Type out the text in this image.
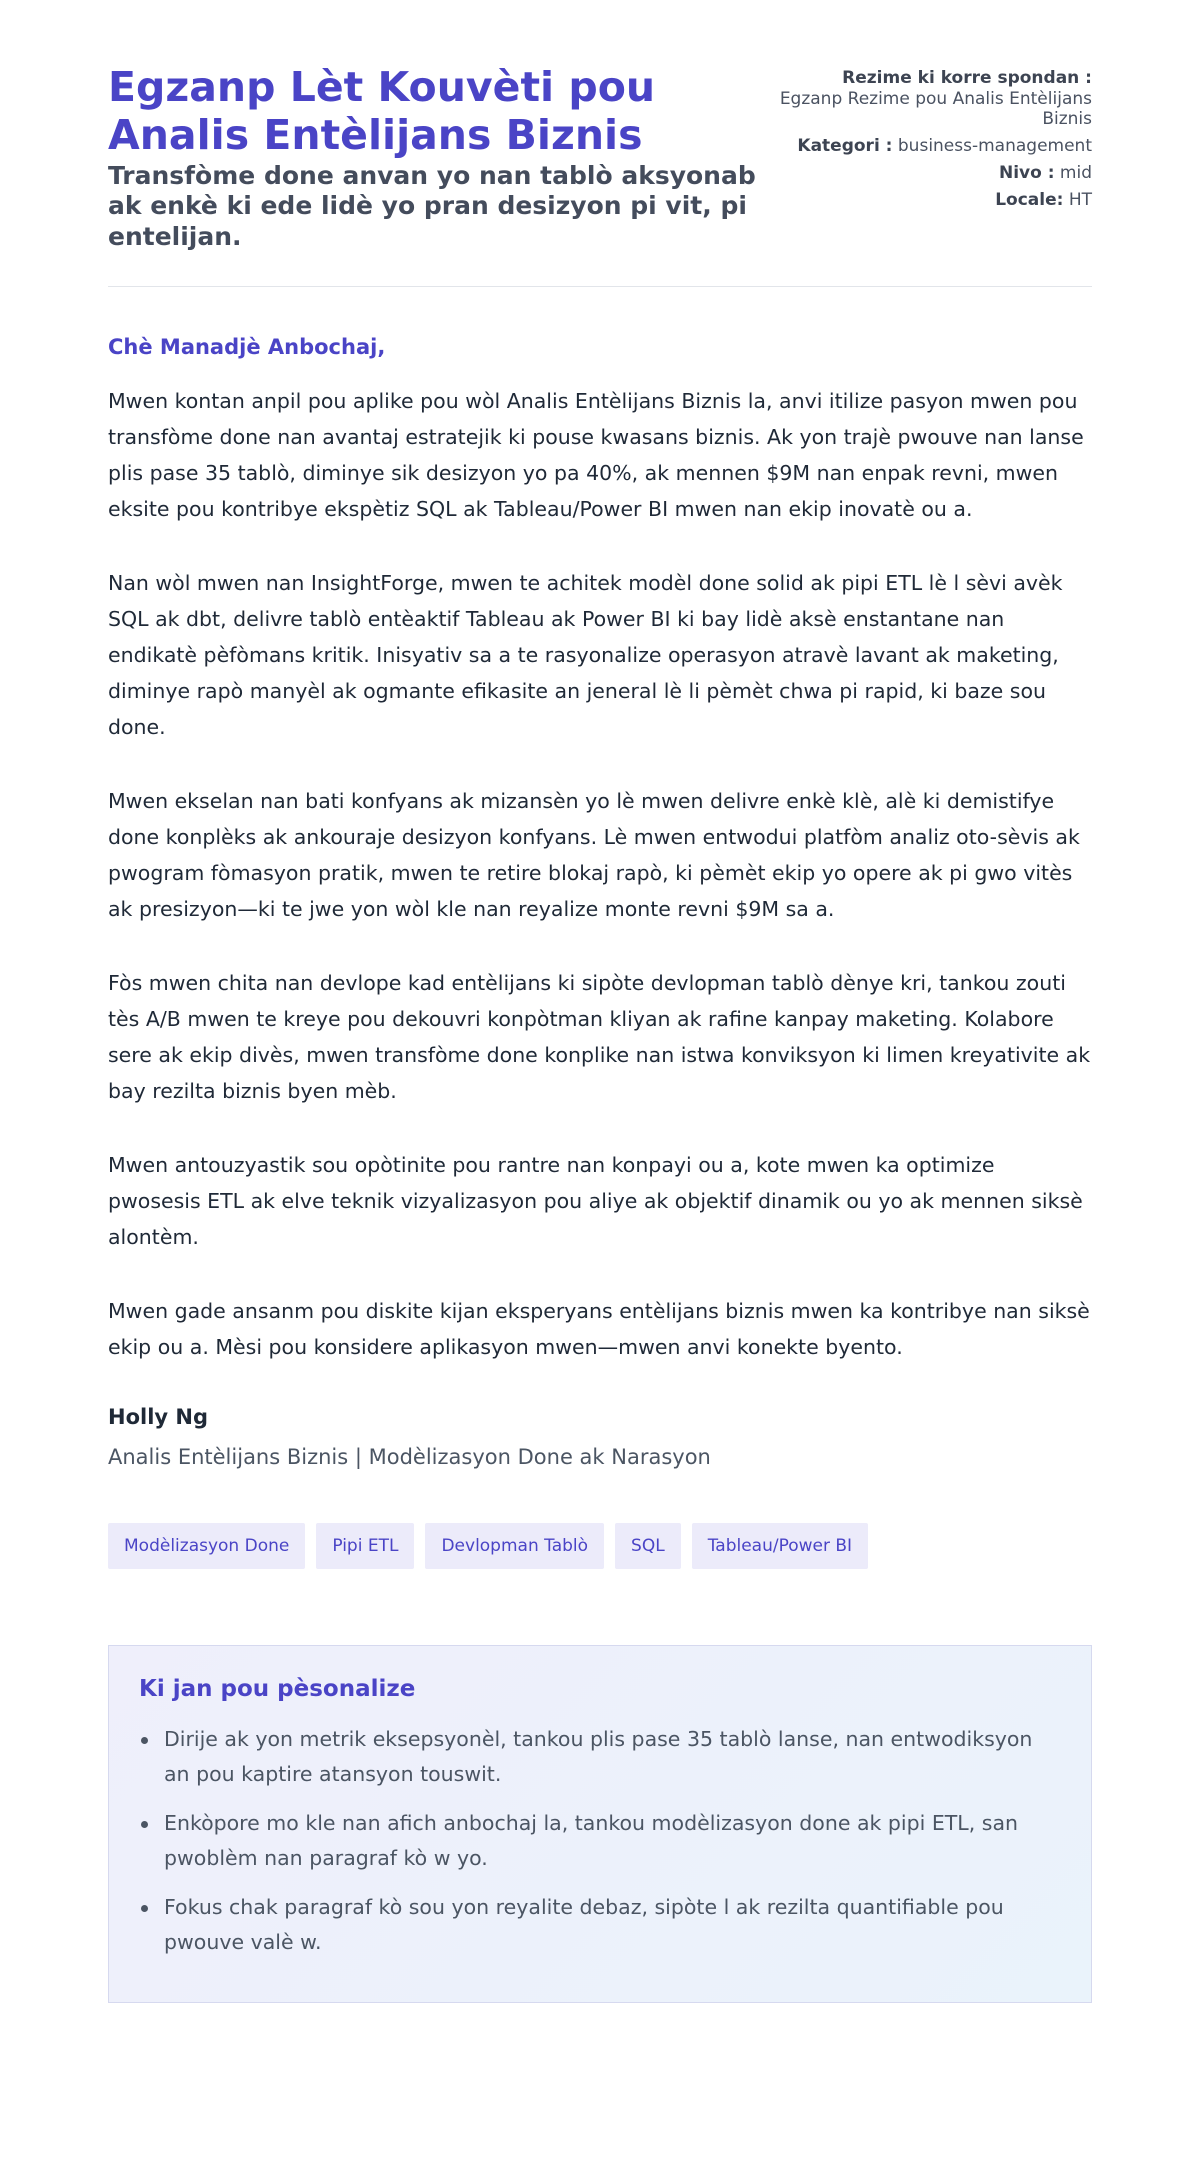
Egzanp Lèt Kouvèti pou Analis Entèlijans Biznis
Transfòme done anvan yo nan tablò aksyonab ak enkè ki ede lidè yo pran desizyon pi vit, pi entelijan.
Rezime ki korre spondan :
Egzanp Rezime pou Analis Entèlijans Biznis
Kategori : business-management
Nivo : mid
Locale: HT

Chè Manadjè Anbochaj,

Mwen kontan anpil pou aplike pou wòl Analis Entèlijans Biznis la, anvi itilize pasyon mwen pou transfòme done nan avantaj estratejik ki pouse kwasans biznis. Ak yon trajè pwouve nan lanse plis pase 35 tablò, diminye sik desizyon yo pa 40%, ak mennen $9M nan enpak revni, mwen eksite pou kontribye ekspètiz SQL ak Tableau/Power BI mwen nan ekip inovatè ou a.

Nan wòl mwen nan InsightForge, mwen te achitek modèl done solid ak pipi ETL lè l sèvi avèk SQL ak dbt, delivre tablò entèaktif Tableau ak Power BI ki bay lidè aksè enstantane nan endikatè pèfòmans kritik. Inisyativ sa a te rasyonalize operasyon atravè lavant ak maketing, diminye rapò manyèl ak ogmante efikasite an jeneral lè li pèmèt chwa pi rapid, ki baze sou done.

Mwen ekselan nan bati konfyans ak mizansèn yo lè mwen delivre enkè klè, alè ki demistifye done konplèks ak ankouraje desizyon konfyans. Lè mwen entwodui platfòm analiz oto-sèvis ak pwogram fòmasyon pratik, mwen te retire blokaj rapò, ki pèmèt ekip yo opere ak pi gwo vitès ak presizyon—ki te jwe yon wòl kle nan reyalize monte revni $9M sa a.

Fòs mwen chita nan devlope kad entèlijans ki sipòte devlopman tablò dènye kri, tankou zouti tès A/B mwen te kreye pou dekouvri konpòtman kliyan ak rafine kanpay maketing. Kolabore sere ak ekip divès, mwen transfòme done konplike nan istwa konviksyon ki limen kreyativite ak bay rezilta biznis byen mèb.

Mwen antouzyastik sou opòtinite pou rantre nan konpayi ou a, kote mwen ka optimize pwosesis ETL ak elve teknik vizyalizasyon pou aliye ak objektif dinamik ou yo ak mennen siksè alontèm.

Mwen gade ansanm pou diskite kijan eksperyans entèlijans biznis mwen ka kontribye nan siksè ekip ou a. Mèsi pou konsidere aplikasyon mwen—mwen anvi konekte byento.

Holly Ng
Analis Entèlijans Biznis | Modèlizasyon Done ak Narasyon
Modèlizasyon Done	Pipi ETL	Devlopman Tablò	SQL	Tableau/Power BI
Ki jan pou pèsonalize
Dirije ak yon metrik eksepsyonèl, tankou plis pase 35 tablò lanse, nan entwodiksyon an pou kaptire atansyon touswit.
Enkòpore mo kle nan afich anbochaj la, tankou modèlizasyon done ak pipi ETL, san pwoblèm nan paragraf kò w yo.
Fokus chak paragraf kò sou yon reyalite debaz, sipòte l ak rezilta quantifiable pou pwouve valè w.
